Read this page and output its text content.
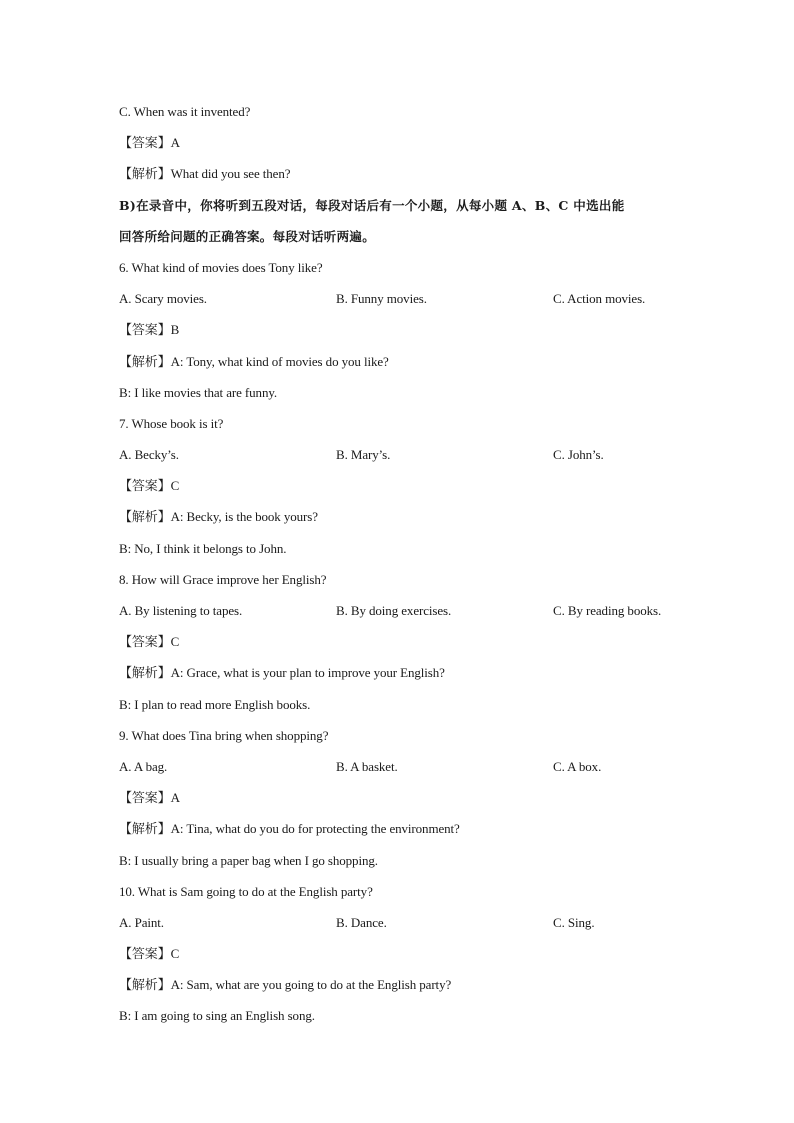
C. When was it invented?
【答案】A
【解析】What did you see then?
B)在录音中，你将听到五段对话，每段对话后有一个小题，从每小题 A、B、C 中选出能
回答所给问题的正确答案。每段对话听两遍。
6. What kind of movies does Tony like?
A. Scary movies.	B. Funny movies.	C. Action movies.
【答案】B
【解析】A: Tony, what kind of movies do you like?
B: I like movies that are funny.
7. Whose book is it?
A. Becky’s.	B. Mary’s.	C. John’s.
【答案】C
【解析】A: Becky, is the book yours?
B: No, I think it belongs to John.
8. How will Grace improve her English?
A. By listening to tapes.	B. By doing exercises.	C. By reading books.
【答案】C
【解析】A: Grace, what is your plan to improve your English?
B: I plan to read more English books.
9. What does Tina bring when shopping?
A. A bag.	B. A basket.	C. A box.
【答案】A
【解析】A: Tina, what do you do for protecting the environment?
B: I usually bring a paper bag when I go shopping.
10. What is Sam going to do at the English party?
A. Paint.	B. Dance.	C. Sing.
【答案】C
【解析】A: Sam, what are you going to do at the English party?
B: I am going to sing an English song.
